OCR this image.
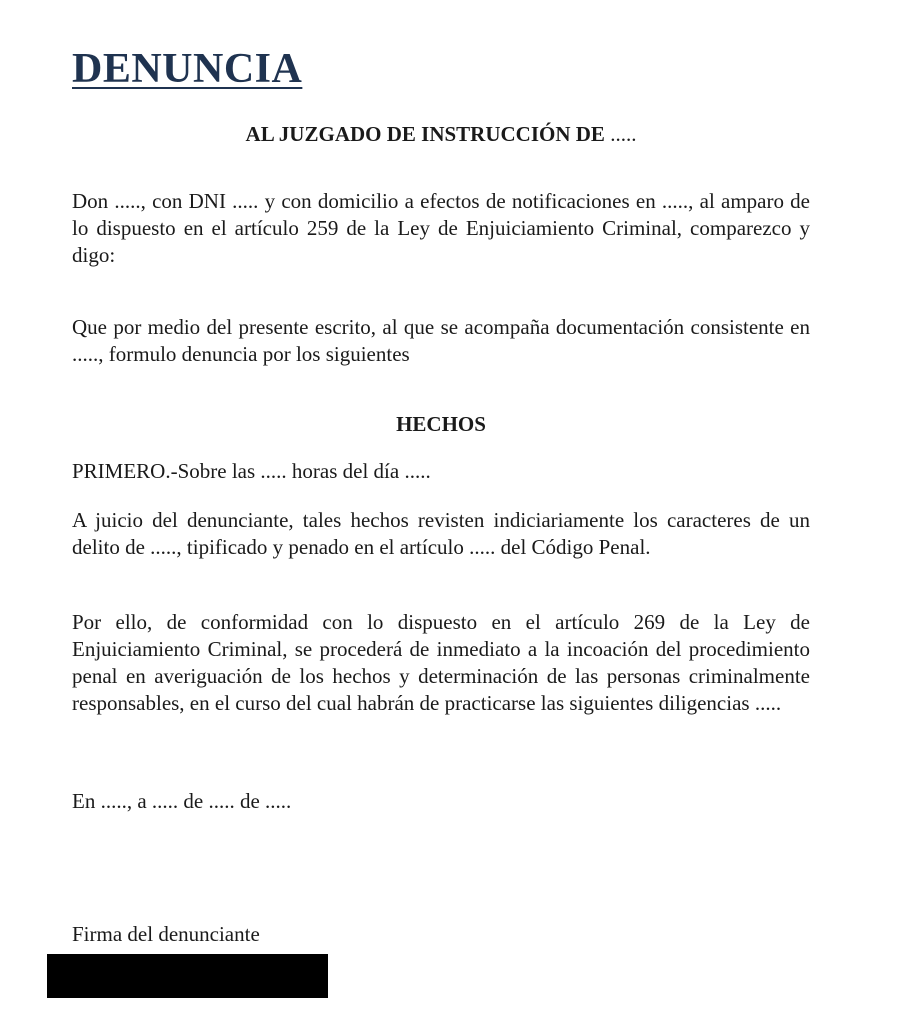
DENUNCIA
AL JUZGADO DE INSTRUCCIÓN DE .....

Don ....., con DNI ..... y con domicilio a efectos de notificaciones en ....., al amparo de lo dispuesto en el artículo 259 de la Ley de Enjuiciamiento Criminal, comparezco y digo:

Que por medio del presente escrito, al que se acompaña documentación consistente en ....., formulo denuncia por los siguientes

HECHOS

PRIMERO.-Sobre las ..... horas del día .....

A juicio del denunciante, tales hechos revisten indiciariamente los caracteres de un delito de ....., tipificado y penado en el artículo ..... del Código Penal.

Por ello, de conformidad con lo dispuesto en el artículo 269 de la Ley de Enjuiciamiento Criminal, se procederá de inmediato a la incoación del procedimiento penal en averiguación de los hechos y determinación de las personas criminalmente responsables, en el curso del cual habrán de practicarse las siguientes diligencias .....

En ....., a ..... de ..... de .....

Firma del denunciante
